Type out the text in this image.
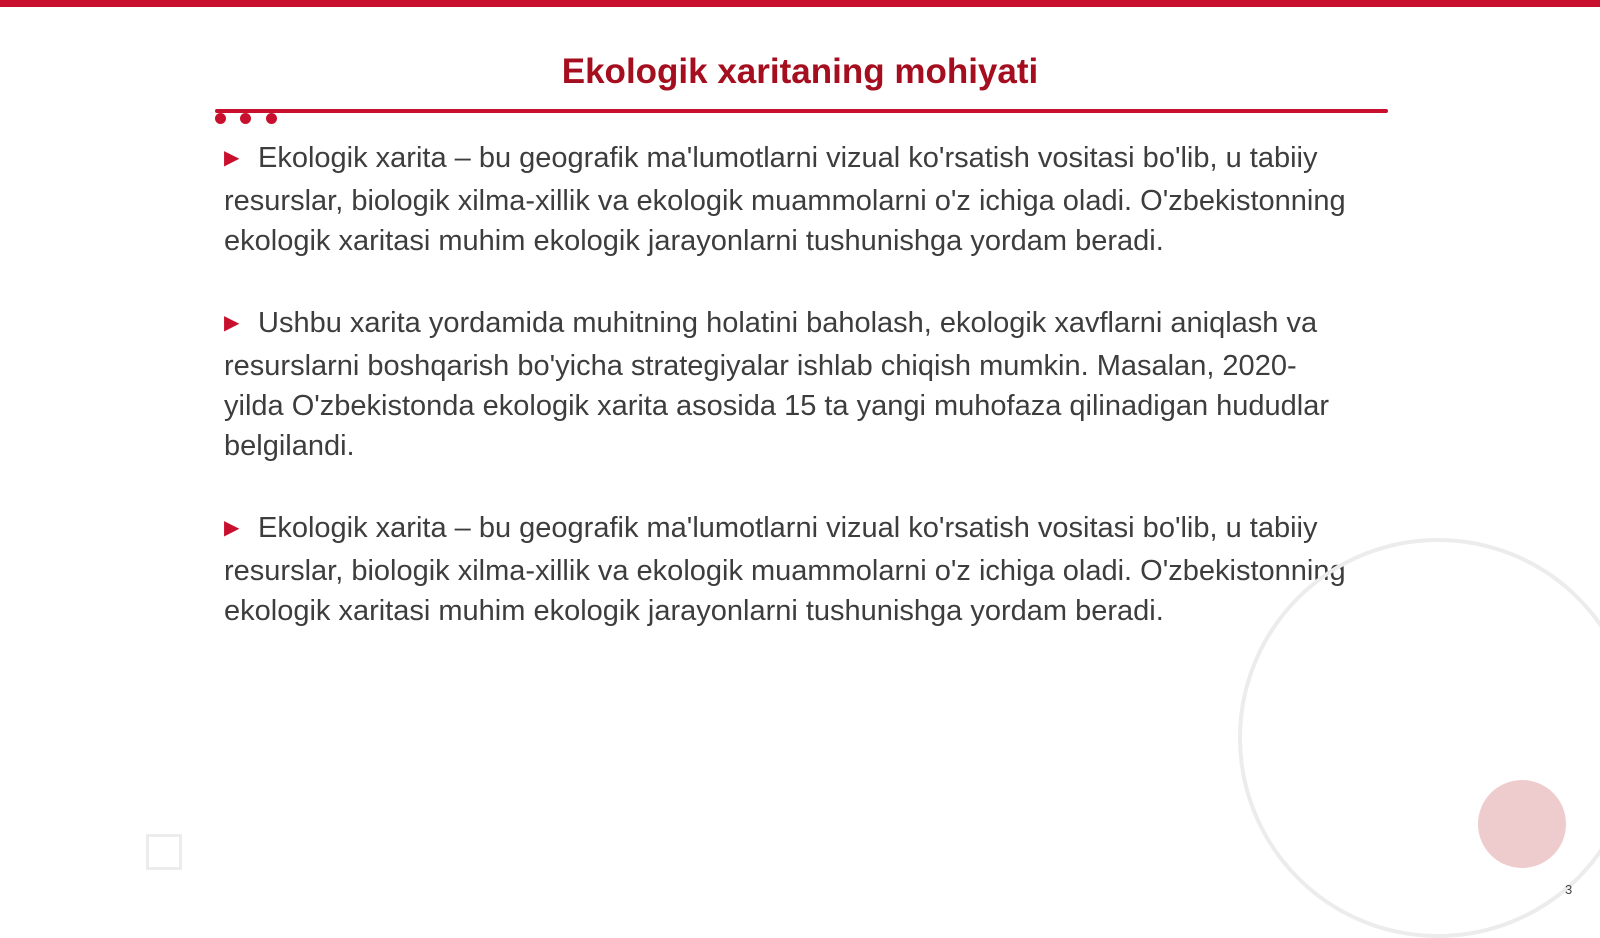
Ekologik xaritaning mohiyati
▶ Ekologik xarita – bu geografik ma'lumotlarni vizual ko'rsatish vositasi bo'lib, u tabiiy resurslar, biologik xilma-xillik va ekologik muammolarni o'z ichiga oladi. O'zbekistonning ekologik xaritasi muhim ekologik jarayonlarni tushunishga yordam beradi.
▶ Ushbu xarita yordamida muhitning holatini baholash, ekologik xavflarni aniqlash va resurslarni boshqarish bo'yicha strategiyalar ishlab chiqish mumkin. Masalan, 2020-yilda O'zbekistonda ekologik xarita asosida 15 ta yangi muhofaza qilinadigan hududlar belgilandi.
▶ Ekologik xarita – bu geografik ma'lumotlarni vizual ko'rsatish vositasi bo'lib, u tabiiy resurslar, biologik xilma-xillik va ekologik muammolarni o'z ichiga oladi. O'zbekistonning ekologik xaritasi muhim ekologik jarayonlarni tushunishga yordam beradi.
3
